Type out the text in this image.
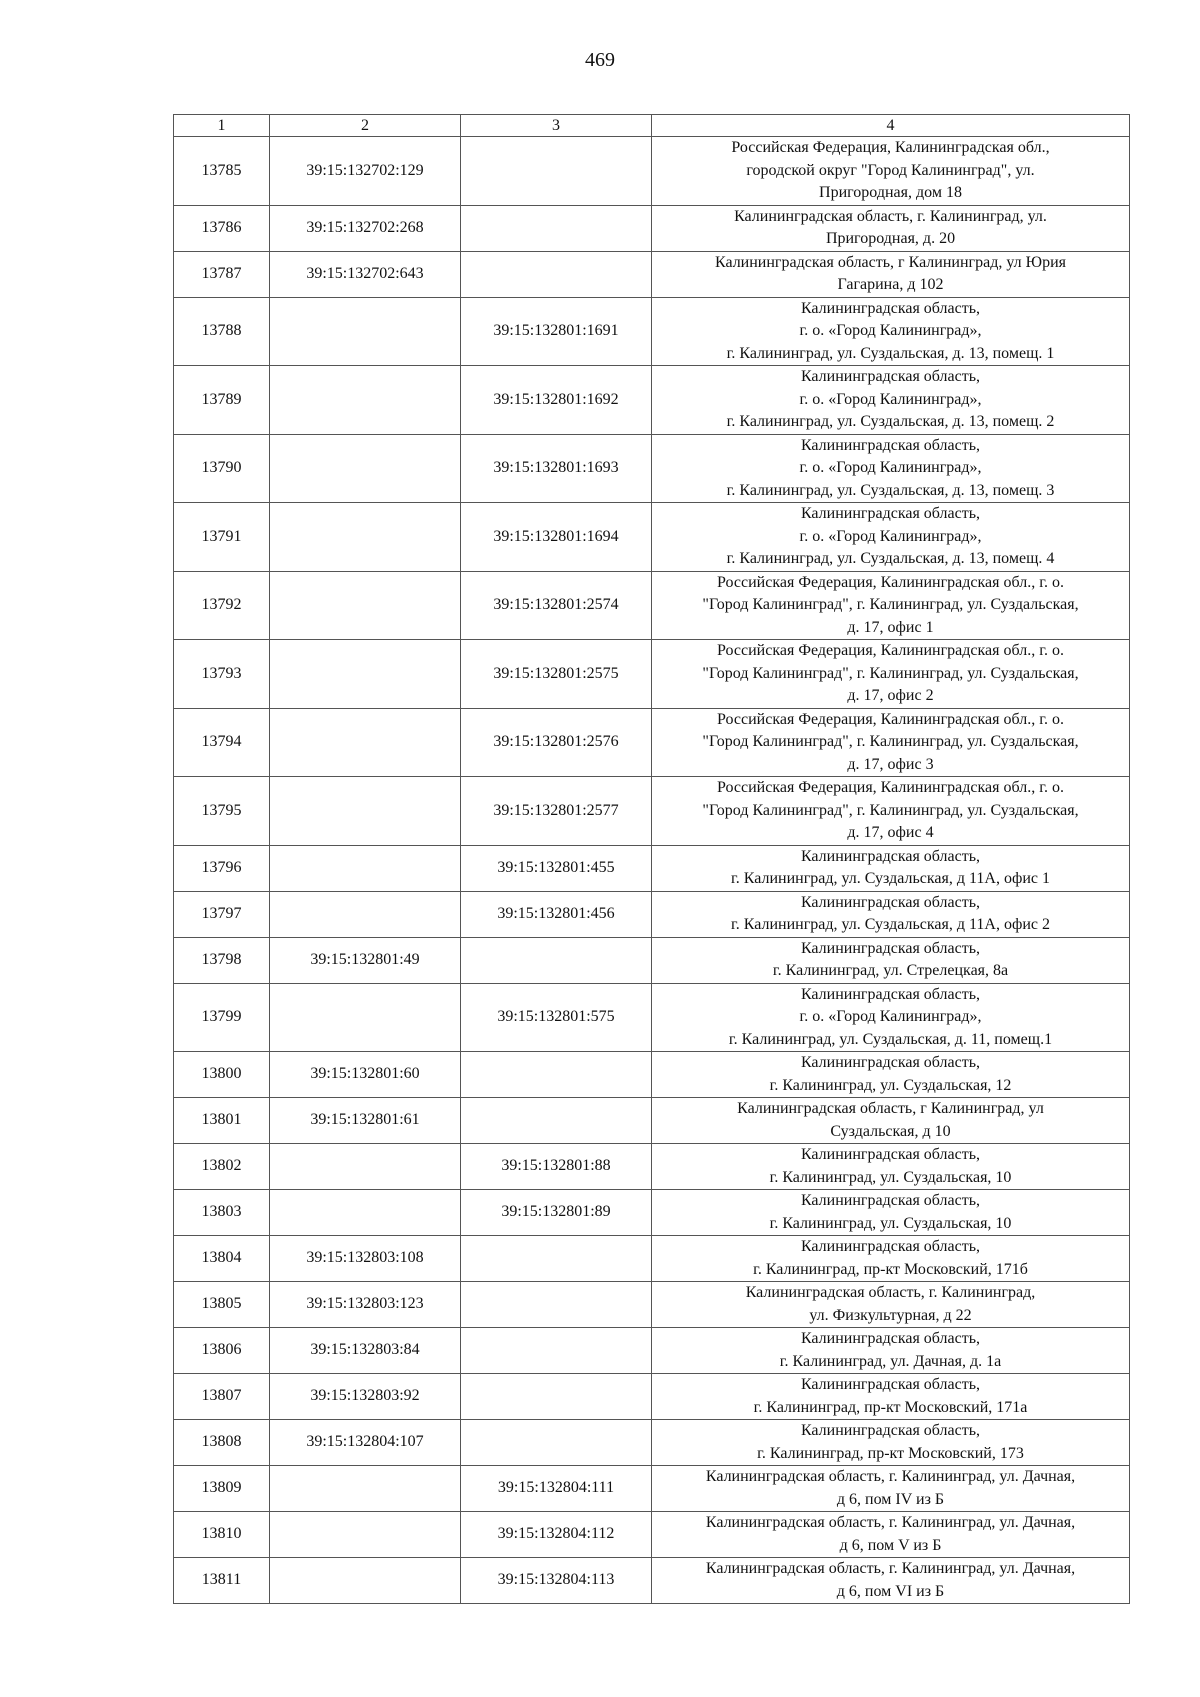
469
1	2	3	4
13785	39:15:132702:129		Российская Федерация, Калининградская обл.,
городской округ "Город Калининград", ул.
Пригородная, дом 18

13786	39:15:132702:268		Калининградская область, г. Калининград, ул.
Пригородная, д. 20

13787	39:15:132702:643		Калининградская область, г Калининград, ул Юрия
Гагарина, д 102

13788		39:15:132801:1691	Калининградская область,
г. о. «Город Калининград»,
г. Калининград, ул. Суздальская, д. 13, помещ. 1

13789		39:15:132801:1692	Калининградская область,
г. о. «Город Калининград»,
г. Калининград, ул. Суздальская, д. 13, помещ. 2

13790		39:15:132801:1693	Калининградская область,
г. о. «Город Калининград»,
г. Калининград, ул. Суздальская, д. 13, помещ. 3

13791		39:15:132801:1694	Калининградская область,
г. о. «Город Калининград»,
г. Калининград, ул. Суздальская, д. 13, помещ. 4

13792		39:15:132801:2574	Российская Федерация, Калининградская обл., г. о.
"Город Калининград", г. Калининград, ул. Суздальская,
д. 17, офис 1

13793		39:15:132801:2575	Российская Федерация, Калининградская обл., г. о.
"Город Калининград", г. Калининград, ул. Суздальская,
д. 17, офис 2

13794		39:15:132801:2576	Российская Федерация, Калининградская обл., г. о.
"Город Калининград", г. Калининград, ул. Суздальская,
д. 17, офис 3

13795		39:15:132801:2577	Российская Федерация, Калининградская обл., г. о.
"Город Калининград", г. Калининград, ул. Суздальская,
д. 17, офис 4

13796		39:15:132801:455	Калининградская область,
г. Калининград, ул. Суздальская, д 11А, офис 1

13797		39:15:132801:456	Калининградская область,
г. Калининград, ул. Суздальская, д 11А, офис 2

13798	39:15:132801:49		Калининградская область,
г. Калининград, ул. Стрелецкая, 8а

13799		39:15:132801:575	Калининградская область,
г. о. «Город Калининград»,
г. Калининград, ул. Суздальская, д. 11, помещ.1

13800	39:15:132801:60		Калининградская область,
г. Калининград, ул. Суздальская, 12

13801	39:15:132801:61		Калининградская область, г Калининград, ул
Суздальская, д 10

13802		39:15:132801:88	Калининградская область,
г. Калининград, ул. Суздальская, 10

13803		39:15:132801:89	Калининградская область,
г. Калининград, ул. Суздальская, 10

13804	39:15:132803:108		Калининградская область,
г. Калининград, пр-кт Московский, 171б

13805	39:15:132803:123		Калининградская область, г. Калининград,
ул. Физкультурная, д 22

13806	39:15:132803:84		Калининградская область,
г. Калининград, ул. Дачная, д. 1а

13807	39:15:132803:92		Калининградская область,
г. Калининград, пр-кт Московский, 171а

13808	39:15:132804:107		Калининградская область,
г. Калининград, пр-кт Московский, 173

13809		39:15:132804:111	Калининградская область, г. Калининград, ул. Дачная,
д 6, пом IV из Б

13810		39:15:132804:112	Калининградская область, г. Калининград, ул. Дачная,
д 6, пом V из Б

13811		39:15:132804:113	Калининградская область, г. Калининград, ул. Дачная,
д 6, пом VI из Б
